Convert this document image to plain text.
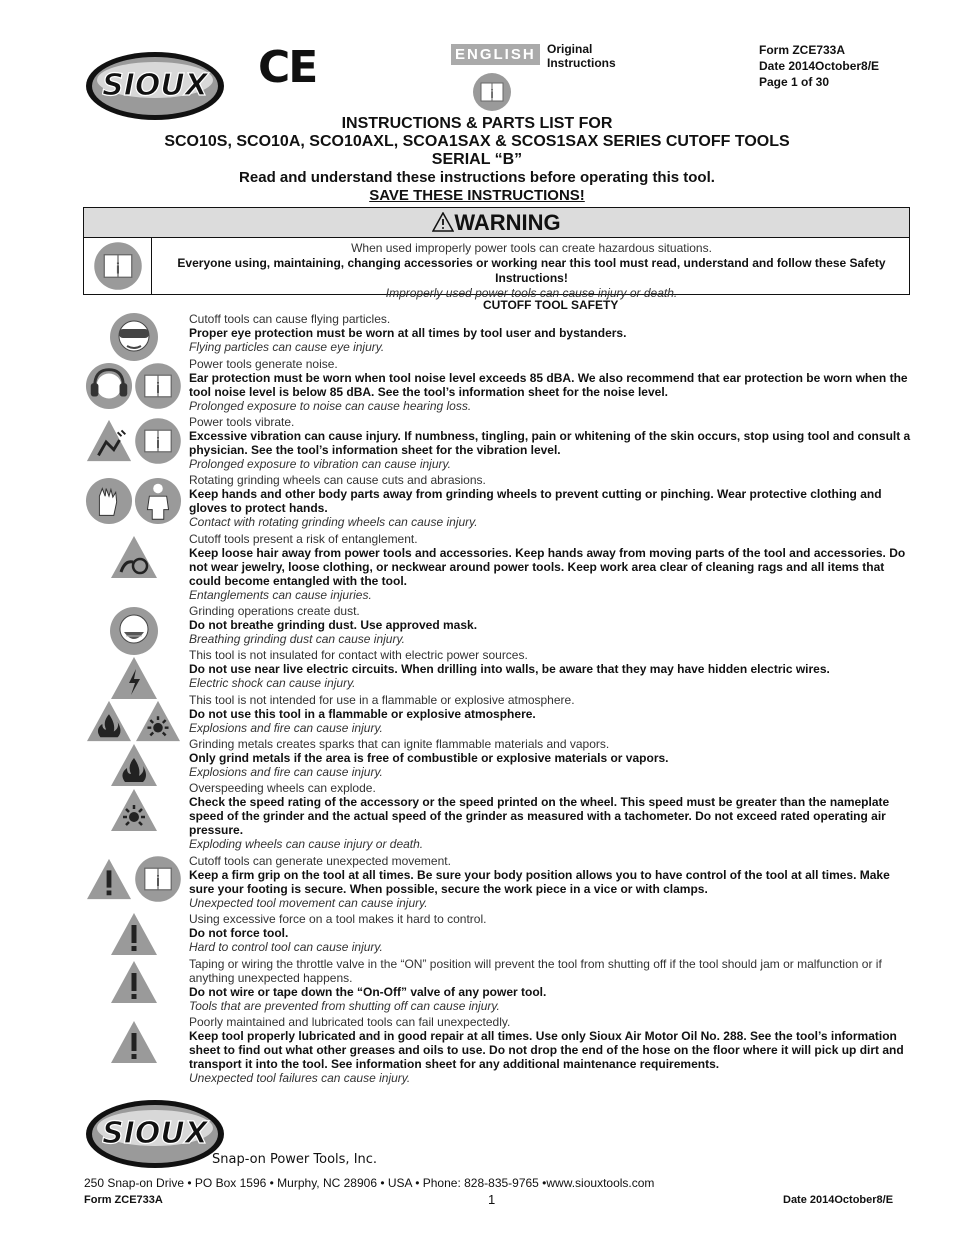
SIOUX CE	ENGLISH Original
Instructions
i
Form ZCE733A
Date 2014October8/E
Page 1 of 30
INSTRUCTIONS & PARTS LIST FOR
SCO10S, SCO10A, SCO10AXL, SCOA1SAX & SCOS1SAX SERIES CUTOFF TOOLS
SERIAL “B”
Read and understand these instructions before operating this tool.
SAVE THESE INSTRUCTIONS!
WARNING
i
When used improperly power tools can create hazardous situations.
Everyone using, maintaining, changing accessories or working near this tool must read, understand and follow these Safety Instructions!
Improperly used power tools can cause injury or death.
CUTOFF TOOL SAFETY
Cutoff tools can cause flying particles.
Proper eye protection must be worn at all times by tool user and bystanders.
Flying particles can cause eye injury.
Power tools generate noise.
Ear protection must be worn when tool noise level exceeds 85 dBA. We also recommend that ear protection be worn when the tool noise level is below 85 dBA. See the tool’s information sheet for the noise level.
Prolonged exposure to noise can cause hearing loss.
Power tools vibrate.
Excessive vibration can cause injury. If numbness, tingling, pain or whitening of the skin occurs, stop using tool and consult a physician. See the tool’s information sheet for the vibration level.
Prolonged exposure to vibration can cause injury.
Rotating grinding wheels can cause cuts and abrasions.
Keep hands and other body parts away from grinding wheels to prevent cutting or pinching. Wear protective clothing and gloves to protect hands.
Contact with rotating grinding wheels can cause injury.
Cutoff tools present a risk of entanglement.
Keep loose hair away from power tools and accessories. Keep hands away from moving parts of the tool and accessories. Do not wear jewelry, loose clothing, or neckwear around power tools. Keep work area clear of cleaning rags and all items that could become entangled with the tool.
Entanglements can cause injuries.
Grinding operations create dust.
Do not breathe grinding dust. Use approved mask.
Breathing grinding dust can cause injury.
This tool is not insulated for contact with electric power sources.
Do not use near live electric circuits. When drilling into walls, be aware that they may have hidden electric wires.
Electric shock can cause injury.
This tool is not intended for use in a flammable or explosive atmosphere.
Do not use this tool in a flammable or explosive atmosphere.
Explosions and fire can cause injury.
Grinding metals creates sparks that can ignite flammable materials and vapors.
Only grind metals if the area is free of combustible or explosive materials or vapors.
Explosions and fire can cause injury.
Overspeeding wheels can explode.
Check the speed rating of the accessory or the speed printed on the wheel. This speed must be greater than the nameplate speed of the grinder and the actual speed of the grinder as measured with a tachometer. Do not exceed rated operating air pressure.
Exploding wheels can cause injury or death.
Cutoff tools can generate unexpected movement.
Keep a firm grip on the tool at all times. Be sure your body position allows you to have control of the tool at all times. Make sure your footing is secure. When possible, secure the work piece in a vice or with clamps.
Unexpected tool movement can cause injury.
Using excessive force on a tool makes it hard to control.
Do not force tool.
Hard to control tool can cause injury.
Taping or wiring the throttle valve in the “ON” position will prevent the tool from shutting off if the tool should jam or malfunction or if anything unexpected happens.
Do not wire or tape down the “On-Off” valve of any power tool.
Tools that are prevented from shutting off can cause injury.
Poorly maintained and lubricated tools can fail unexpectedly.
Keep tool properly lubricated and in good repair at all times. Use only Sioux Air Motor Oil No. 288. See the tool’s information sheet to find out what other greases and oils to use. Do not drop the end of the hose on the floor where it will pick up dirt and transport it into the tool. See information sheet for any additional maintenance requirements.
Unexpected tool failures can cause injury.
i
i
i
SIOUX
Snap-on Power Tools, Inc.
250 Snap-on Drive • PO Box 1596 • Murphy, NC 28906 • USA • Phone: 828-835-9765 •www.siouxtools.com
Form ZCE733A	1	Date 2014October8/E
